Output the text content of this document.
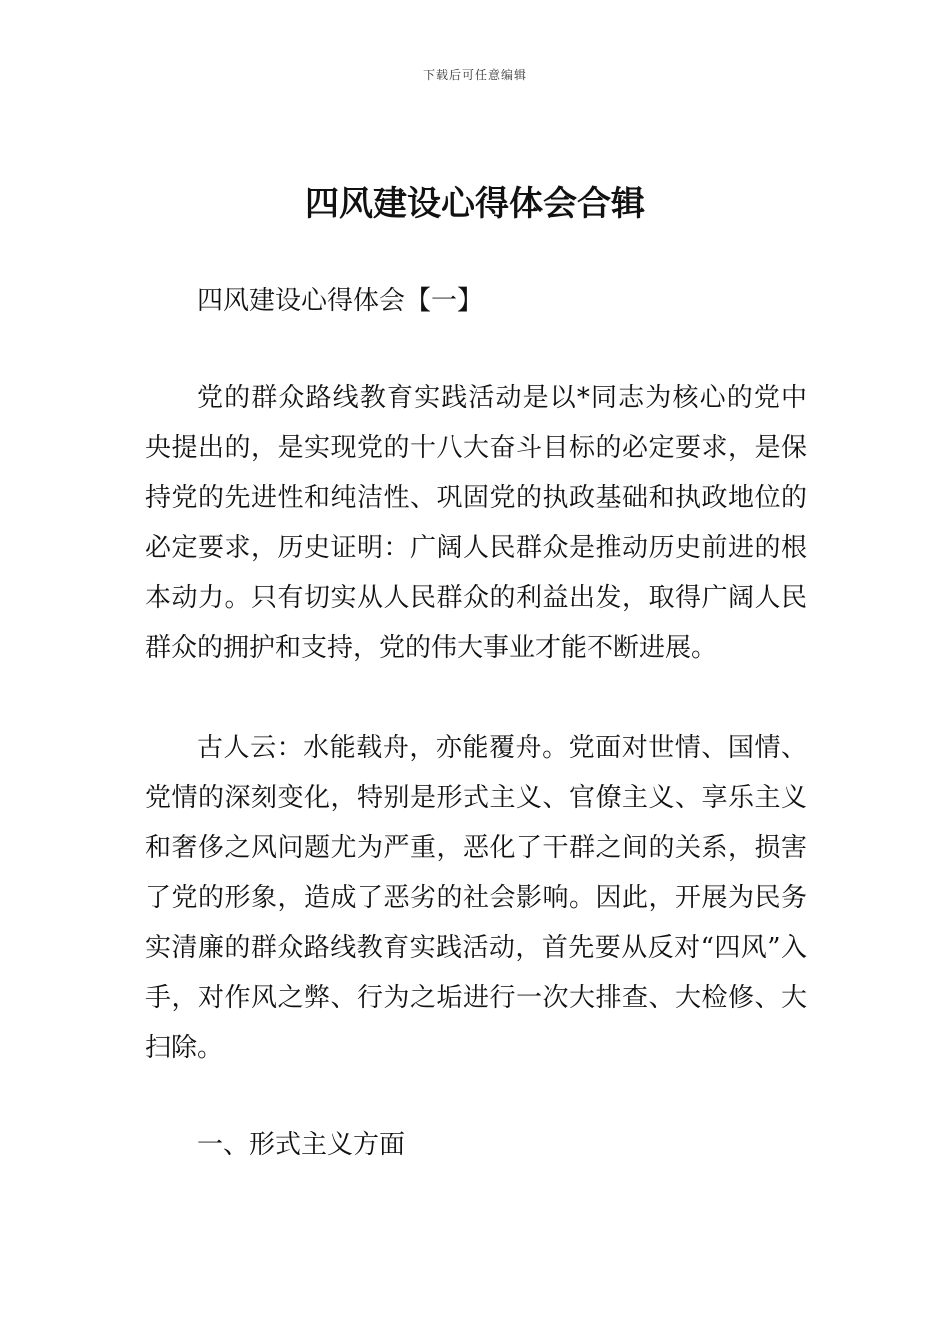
下载后可任意编辑
四风建设心得体会合辑

四风建设心得体会【一】

党的群众路线教育实践活动是以*同志为核心的党中央提出的，是实现党的十八大奋斗目标的必定要求，是保持党的先进性和纯洁性、巩固党的执政基础和执政地位的必定要求，历史证明：广阔人民群众是推动历史前进的根本动力。只有切实从人民群众的利益出发，取得广阔人民群众的拥护和支持，党的伟大事业才能不断进展。

古人云：水能载舟，亦能覆舟。党面对世情、国情、党情的深刻变化，特别是形式主义、官僚主义、享乐主义和奢侈之风问题尤为严重，恶化了干群之间的关系，损害了党的形象，造成了恶劣的社会影响。因此，开展为民务实清廉的群众路线教育实践活动，首先要从反对“四风”入手，对作风之弊、行为之垢进行一次大排查、大检修、大扫除。

一、形式主义方面
